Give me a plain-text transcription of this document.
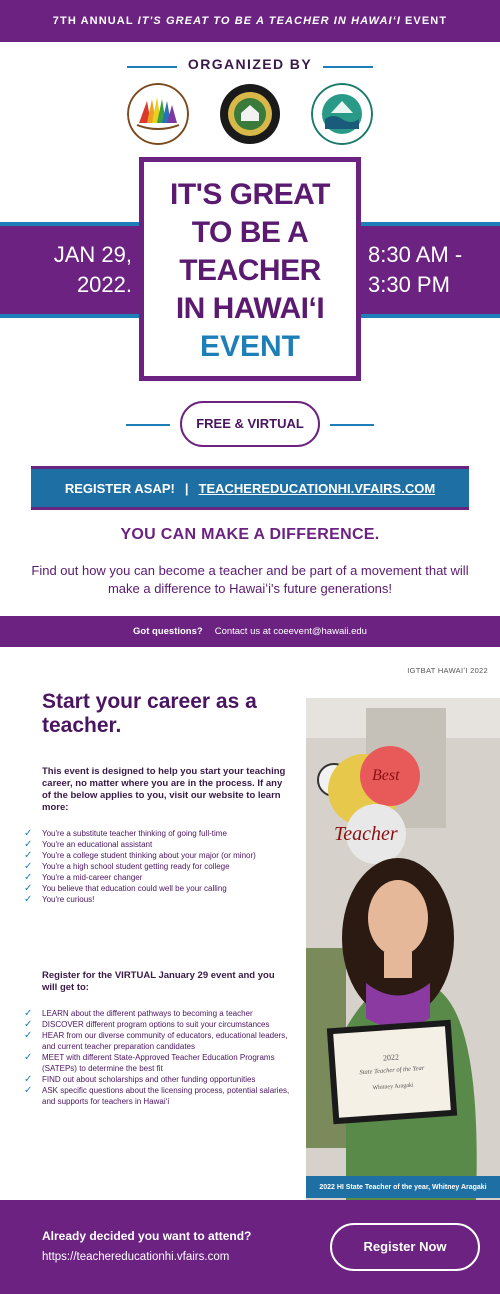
7TH ANNUAL IT'S GREAT TO BE A TEACHER IN HAWAIʻI EVENT
ORGANIZED BY
JAN 29,
2022.
8:30 AM -
3:30 PM
IT'S GREAT
TO BE A
TEACHER
IN HAWAIʻI
EVENT
FREE & VIRTUAL
REGISTER ASAP! | TEACHEREDUCATIONHI.VFAIRS.COM
YOU CAN MAKE A DIFFERENCE.
Find out how you can become a teacher and be part of a movement that will make a difference to Hawaiʻi's future generations!
Got questions? Contact us at coeevent@hawaii.edu
IGTBAT HAWAIʻI 2022
Start your career as a teacher.
This event is designed to help you start your teaching career, no matter where you are in the process. If any of the below applies to you, visit our website to learn more:
✓ You're a substitute teacher thinking of going full-time
✓ You're an educational assistant
✓ You're a college student thinking about your major (or minor)
✓ You're a high school student getting ready for college
✓ You're a mid-career changer
✓ You believe that education could well be your calling
✓ You're curious!
Register for the VIRTUAL January 29 event and you will get to:
✓ LEARN about the different pathways to becoming a teacher
✓ DISCOVER different program options to suit your circumstances
✓ HEAR from our diverse community of educators, educational leaders, and current teacher preparation candidates
✓ MEET with different State-Approved Teacher Education Programs (SATEPs) to determine the best fit
✓ FIND out about scholarships and other funding opportunities
✓ ASK specific questions about the licensing process, potential salaries, and supports for teachers in Hawaiʻi
Best
Teacher
2022
State Teacher of the Year
Whitney Aragaki
2022 HI State Teacher of the year, Whitney Aragaki
Already decided you want to attend?
https://teachereducationhi.vfairs.com
Register Now
